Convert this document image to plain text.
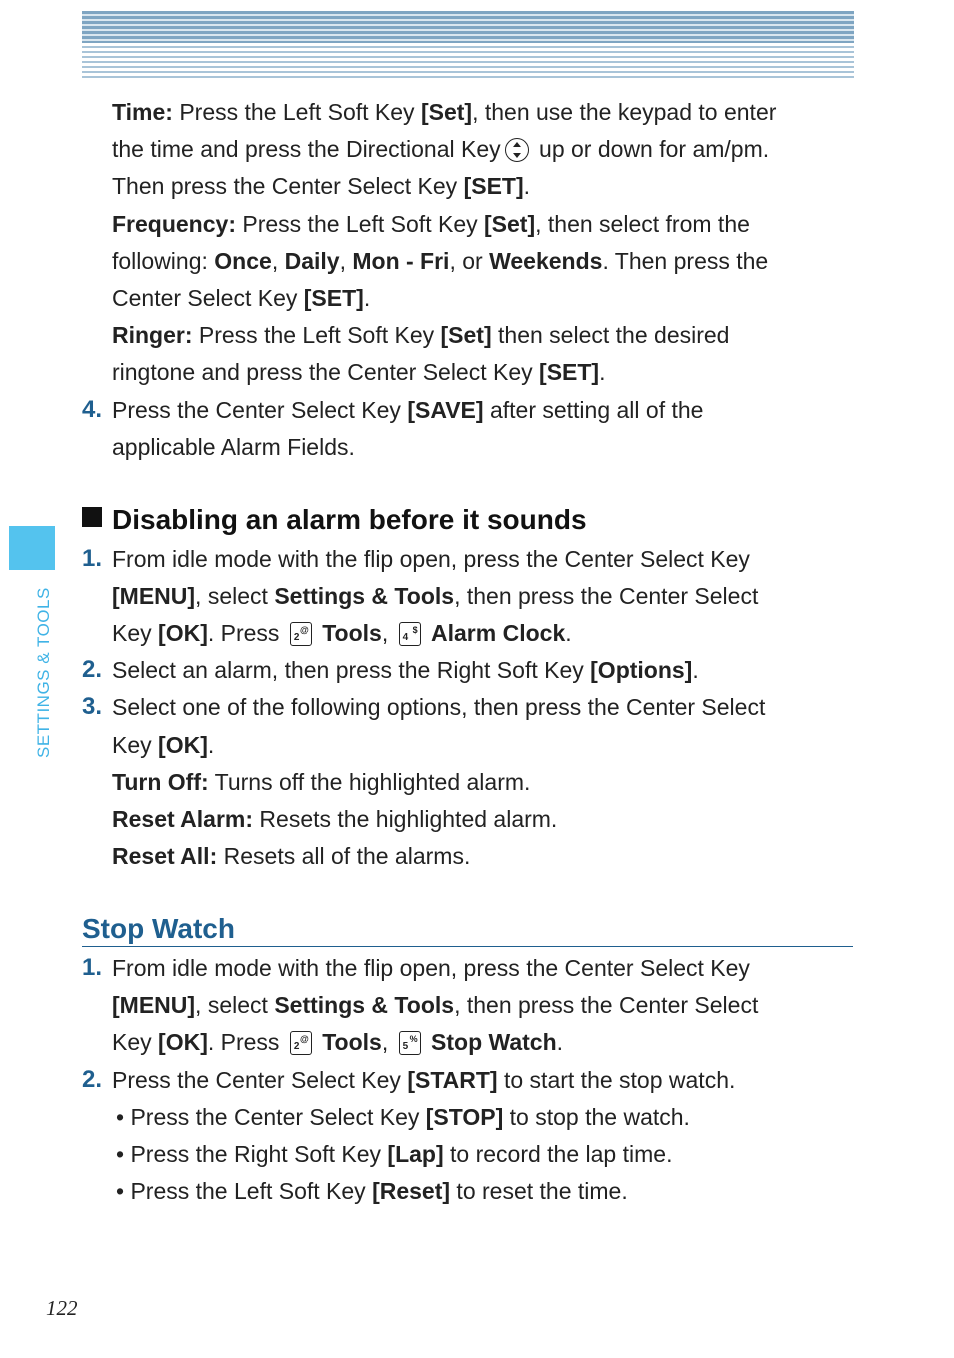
SETTINGS & TOOLS
Time: Press the Left Soft Key [Set], then use the keypad to enter
the time and press the Directional Key up or down for am/pm.
Then press the Center Select Key [SET].
Frequency: Press the Left Soft Key [Set], then select from the
following: Once, Daily, Mon - Fri, or Weekends. Then press the
Center Select Key [SET].
Ringer: Press the Left Soft Key [Set] then select the desired
ringtone and press the Center Select Key [SET].
4. Press the Center Select Key [SAVE] after setting all of the
applicable Alarm Fields.
Disabling an alarm before it sounds
1. From idle mode with the flip open, press the Center Select Key
[MENU], select Settings & Tools, then press the Center Select
Key [OK]. Press @
2 Tools, $
4 Alarm Clock.
2. Select an alarm, then press the Right Soft Key [Options].
3. Select one of the following options, then press the Center Select
Key [OK].
Turn Off: Turns off the highlighted alarm.
Reset Alarm: Resets the highlighted alarm.
Reset All: Resets all of the alarms.
Stop Watch
1. From idle mode with the flip open, press the Center Select Key
[MENU], select Settings & Tools, then press the Center Select
Key [OK]. Press @
2 Tools, %
5 Stop Watch.
2. Press the Center Select Key [START] to start the stop watch.
• Press the Center Select Key [STOP] to stop the watch.
• Press the Right Soft Key [Lap] to record the lap time.
• Press the Left Soft Key [Reset] to reset the time.
122
